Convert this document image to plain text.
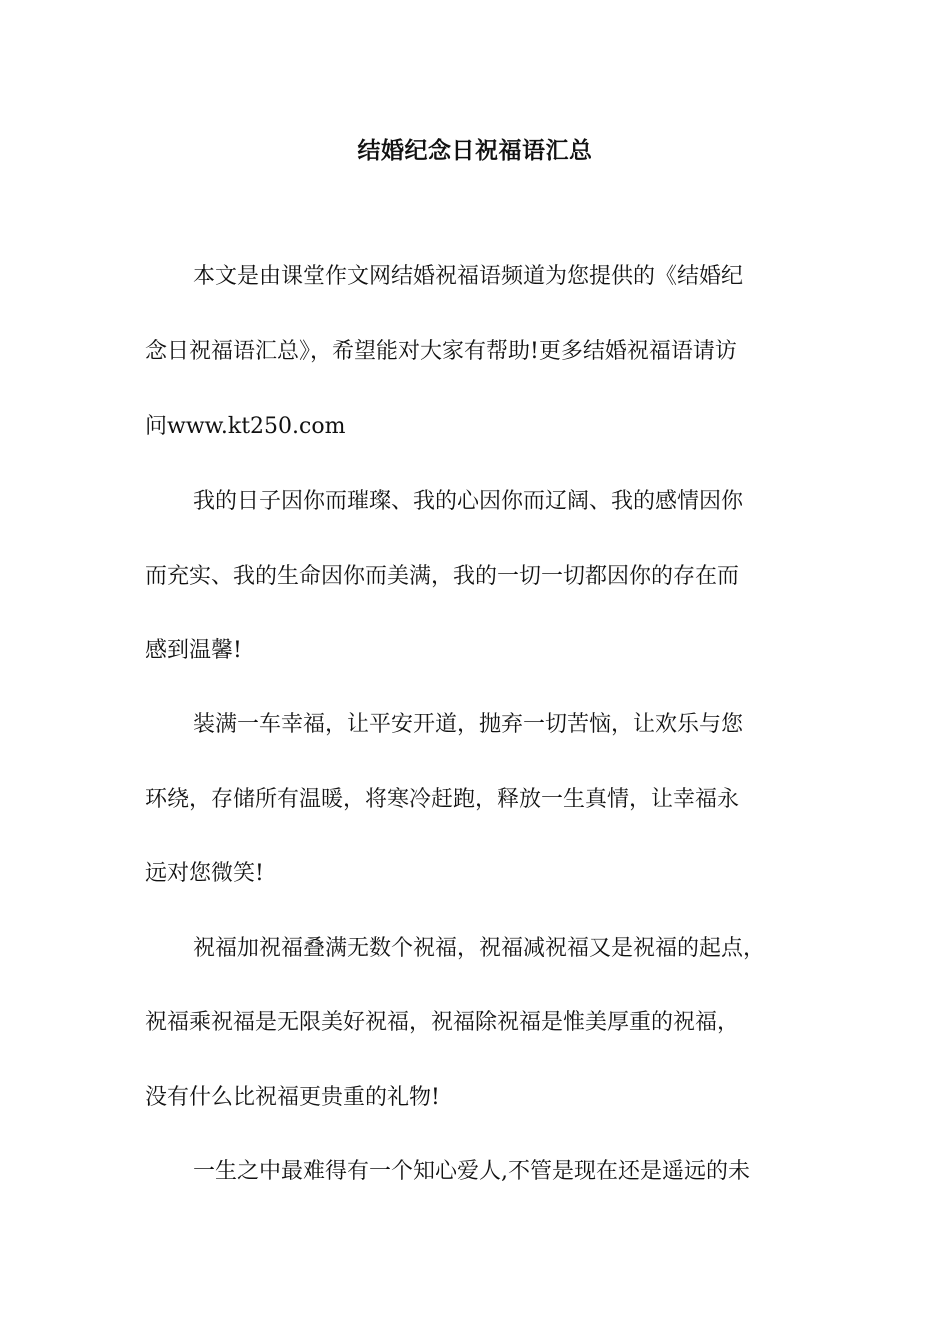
结婚纪念日祝福语汇总
本文是由课堂作文网结婚祝福语频道为您提供的《结婚纪
念日祝福语汇总》，希望能对大家有帮助!更多结婚祝福语请访
问www.kt250.com
我的日子因你而璀璨、我的心因你而辽阔、我的感情因你
而充实、我的生命因你而美满，我的一切一切都因你的存在而
感到温馨!
装满一车幸福，让平安开道，抛弃一切苦恼，让欢乐与您
环绕，存储所有温暖，将寒冷赶跑，释放一生真情，让幸福永
远对您微笑!
祝福加祝福叠满无数个祝福，祝福减祝福又是祝福的起点，
祝福乘祝福是无限美好祝福，祝福除祝福是惟美厚重的祝福，
没有什么比祝福更贵重的礼物!
一生之中最难得有一个知心爱人,不管是现在还是遥远的未
